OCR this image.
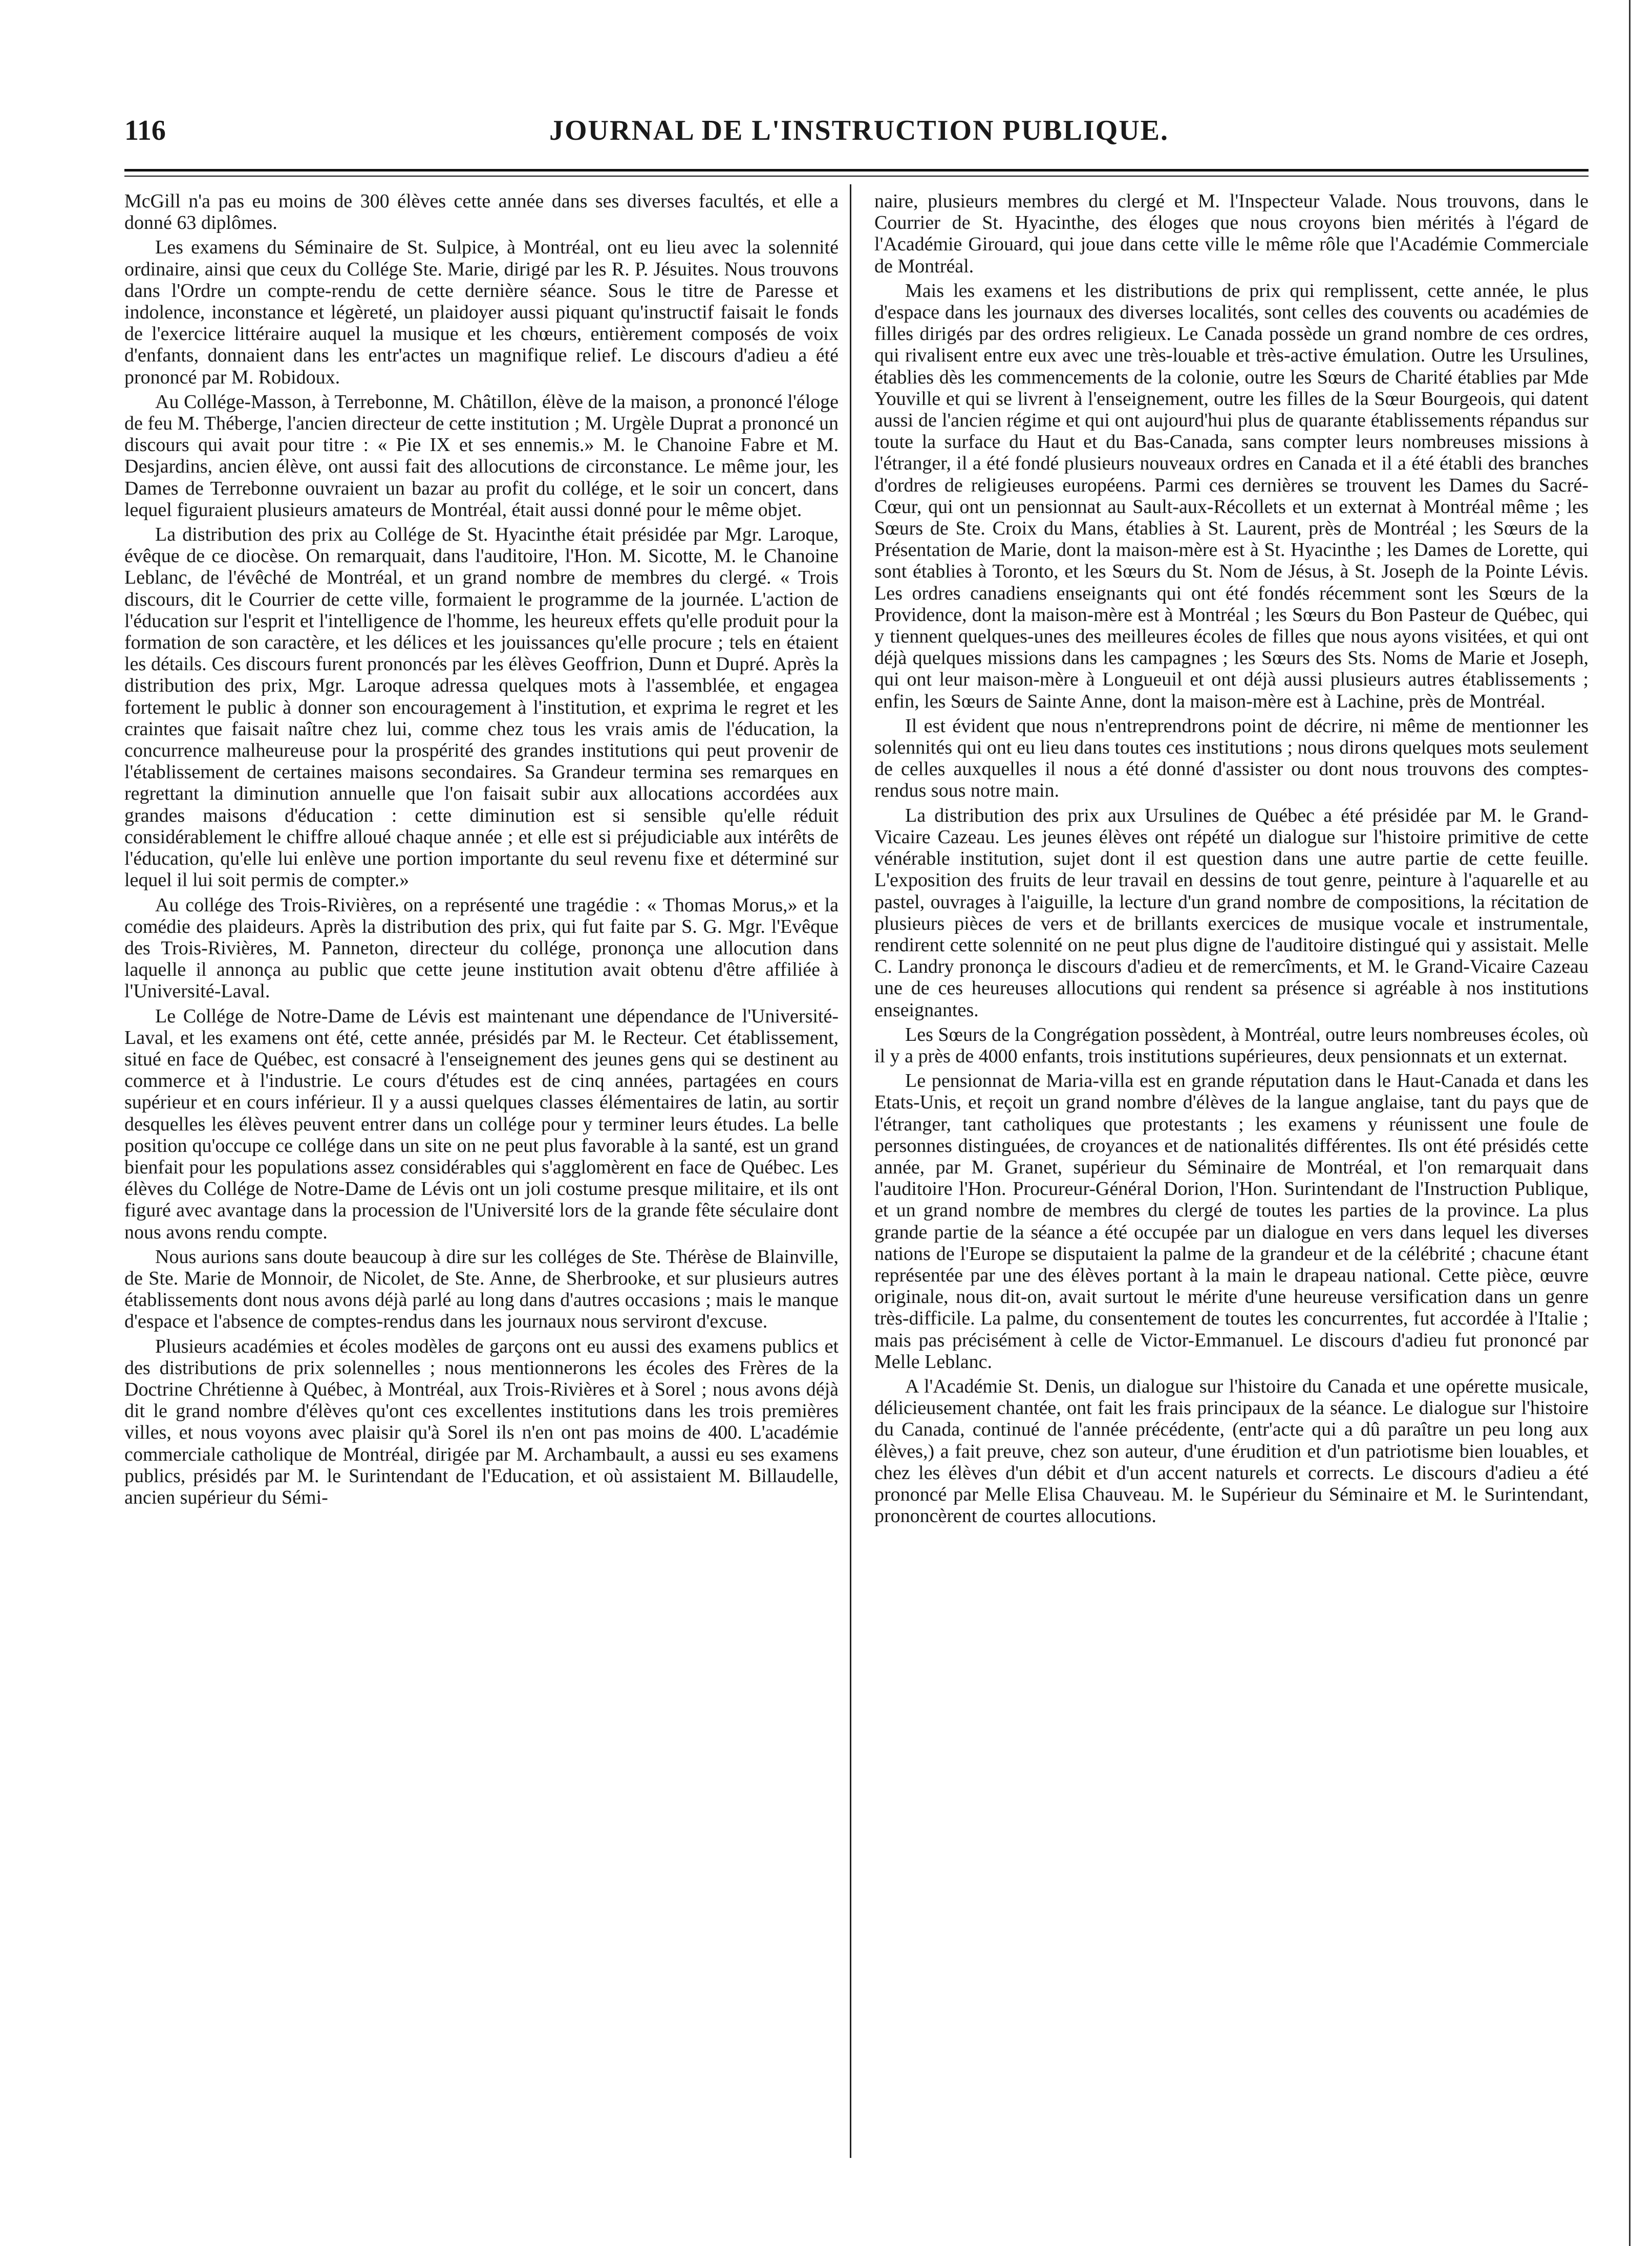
116	JOURNAL DE L'INSTRUCTION PUBLIQUE.

McGill n'a pas eu moins de 300 élèves cette année dans ses diverses facultés, et elle a donné 63 diplômes.

Les examens du Séminaire de St. Sulpice, à Montréal, ont eu lieu avec la solennité ordinaire, ainsi que ceux du Collége Ste. Marie, dirigé par les R. P. Jésuites. Nous trouvons dans l'Ordre un compte-rendu de cette dernière séance. Sous le titre de Paresse et indolence, inconstance et légèreté, un plaidoyer aussi piquant qu'instructif faisait le fonds de l'exercice littéraire auquel la musique et les chœurs, entièrement composés de voix d'enfants, donnaient dans les entr'actes un magnifique relief. Le discours d'adieu a été prononcé par M. Robidoux.

Au Collége-Masson, à Terrebonne, M. Châtillon, élève de la maison, a prononcé l'éloge de feu M. Théberge, l'ancien directeur de cette institution ; M. Urgèle Duprat a prononcé un discours qui avait pour titre : « Pie IX et ses ennemis.» M. le Chanoine Fabre et M. Desjardins, ancien élève, ont aussi fait des allocutions de circonstance. Le même jour, les Dames de Terrebonne ouvraient un bazar au profit du collége, et le soir un concert, dans lequel figuraient plusieurs amateurs de Montréal, était aussi donné pour le même objet.

La distribution des prix au Collége de St. Hyacinthe était présidée par Mgr. Laroque, évêque de ce diocèse. On remarquait, dans l'auditoire, l'Hon. M. Sicotte, M. le Chanoine Leblanc, de l'évêché de Montréal, et un grand nombre de membres du clergé. « Trois discours, dit le Courrier de cette ville, formaient le programme de la journée. L'action de l'éducation sur l'esprit et l'intelligence de l'homme, les heureux effets qu'elle produit pour la formation de son caractère, et les délices et les jouissances qu'elle procure ; tels en étaient les détails. Ces discours furent prononcés par les élèves Geoffrion, Dunn et Dupré. Après la distribution des prix, Mgr. Laroque adressa quelques mots à l'assemblée, et engagea fortement le public à donner son encouragement à l'institution, et exprima le regret et les craintes que faisait naître chez lui, comme chez tous les vrais amis de l'éducation, la concurrence malheureuse pour la prospérité des grandes institutions qui peut provenir de l'établissement de certaines maisons secondaires. Sa Grandeur termina ses remarques en regrettant la diminution annuelle que l'on faisait subir aux allocations accordées aux grandes maisons d'éducation : cette diminution est si sensible qu'elle réduit considérablement le chiffre alloué chaque année ; et elle est si préjudiciable aux intérêts de l'éducation, qu'elle lui enlève une portion importante du seul revenu fixe et déterminé sur lequel il lui soit permis de compter.»

Au collége des Trois-Rivières, on a représenté une tragédie : « Thomas Morus,» et la comédie des plaideurs. Après la distribution des prix, qui fut faite par S. G. Mgr. l'Evêque des Trois-Rivières, M. Panneton, directeur du collége, prononça une allocution dans laquelle il annonça au public que cette jeune institution avait obtenu d'être affiliée à l'Université-Laval.

Le Collége de Notre-Dame de Lévis est maintenant une dépendance de l'Université-Laval, et les examens ont été, cette année, présidés par M. le Recteur. Cet établissement, situé en face de Québec, est consacré à l'enseignement des jeunes gens qui se destinent au commerce et à l'industrie. Le cours d'études est de cinq années, partagées en cours supérieur et en cours inférieur. Il y a aussi quelques classes élémentaires de latin, au sortir desquelles les élèves peuvent entrer dans un collége pour y terminer leurs études. La belle position qu'occupe ce collége dans un site on ne peut plus favorable à la santé, est un grand bienfait pour les populations assez considérables qui s'agglomèrent en face de Québec. Les élèves du Collége de Notre-Dame de Lévis ont un joli costume presque militaire, et ils ont figuré avec avantage dans la procession de l'Université lors de la grande fête séculaire dont nous avons rendu compte.

Nous aurions sans doute beaucoup à dire sur les colléges de Ste. Thérèse de Blainville, de Ste. Marie de Monnoir, de Nicolet, de Ste. Anne, de Sherbrooke, et sur plusieurs autres établissements dont nous avons déjà parlé au long dans d'autres occasions ; mais le manque d'espace et l'absence de comptes-rendus dans les journaux nous serviront d'excuse.

Plusieurs académies et écoles modèles de garçons ont eu aussi des examens publics et des distributions de prix solennelles ; nous mentionnerons les écoles des Frères de la Doctrine Chrétienne à Québec, à Montréal, aux Trois-Rivières et à Sorel ; nous avons déjà dit le grand nombre d'élèves qu'ont ces excellentes institutions dans les trois premières villes, et nous voyons avec plaisir qu'à Sorel ils n'en ont pas moins de 400. L'académie commerciale catholique de Montréal, dirigée par M. Archambault, a aussi eu ses examens publics, présidés par M. le Surintendant de l'Education, et où assistaient M. Billaudelle, ancien supérieur du Sémi-

naire, plusieurs membres du clergé et M. l'Inspecteur Valade. Nous trouvons, dans le Courrier de St. Hyacinthe, des éloges que nous croyons bien mérités à l'égard de l'Académie Girouard, qui joue dans cette ville le même rôle que l'Académie Commerciale de Montréal.

Mais les examens et les distributions de prix qui remplissent, cette année, le plus d'espace dans les journaux des diverses localités, sont celles des couvents ou académies de filles dirigés par des ordres religieux. Le Canada possède un grand nombre de ces ordres, qui rivalisent entre eux avec une très-louable et très-active émulation. Outre les Ursulines, établies dès les commencements de la colonie, outre les Sœurs de Charité établies par Mde Youville et qui se livrent à l'enseignement, outre les filles de la Sœur Bourgeois, qui datent aussi de l'ancien régime et qui ont aujourd'hui plus de quarante établissements répandus sur toute la surface du Haut et du Bas-Canada, sans compter leurs nombreuses missions à l'étranger, il a été fondé plusieurs nouveaux ordres en Canada et il a été établi des branches d'ordres de religieuses européens. Parmi ces dernières se trouvent les Dames du Sacré-Cœur, qui ont un pensionnat au Sault-aux-Récollets et un externat à Montréal même ; les Sœurs de Ste. Croix du Mans, établies à St. Laurent, près de Montréal ; les Sœurs de la Présentation de Marie, dont la maison-mère est à St. Hyacinthe ; les Dames de Lorette, qui sont établies à Toronto, et les Sœurs du St. Nom de Jésus, à St. Joseph de la Pointe Lévis. Les ordres canadiens enseignants qui ont été fondés récemment sont les Sœurs de la Providence, dont la maison-mère est à Montréal ; les Sœurs du Bon Pasteur de Québec, qui y tiennent quelques-unes des meilleures écoles de filles que nous ayons visitées, et qui ont déjà quelques missions dans les campagnes ; les Sœurs des Sts. Noms de Marie et Joseph, qui ont leur maison-mère à Longueuil et ont déjà aussi plusieurs autres établissements ; enfin, les Sœurs de Sainte Anne, dont la maison-mère est à Lachine, près de Montréal.

Il est évident que nous n'entreprendrons point de décrire, ni même de mentionner les solennités qui ont eu lieu dans toutes ces institutions ; nous dirons quelques mots seulement de celles auxquelles il nous a été donné d'assister ou dont nous trouvons des comptes-rendus sous notre main.

La distribution des prix aux Ursulines de Québec a été présidée par M. le Grand-Vicaire Cazeau. Les jeunes élèves ont répété un dialogue sur l'histoire primitive de cette vénérable institution, sujet dont il est question dans une autre partie de cette feuille. L'exposition des fruits de leur travail en dessins de tout genre, peinture à l'aquarelle et au pastel, ouvrages à l'aiguille, la lecture d'un grand nombre de compositions, la récitation de plusieurs pièces de vers et de brillants exercices de musique vocale et instrumentale, rendirent cette solennité on ne peut plus digne de l'auditoire distingué qui y assistait. Melle C. Landry prononça le discours d'adieu et de remercîments, et M. le Grand-Vicaire Cazeau une de ces heureuses allocutions qui rendent sa présence si agréable à nos institutions enseignantes.

Les Sœurs de la Congrégation possèdent, à Montréal, outre leurs nombreuses écoles, où il y a près de 4000 enfants, trois institutions supérieures, deux pensionnats et un externat.

Le pensionnat de Maria-villa est en grande réputation dans le Haut-Canada et dans les Etats-Unis, et reçoit un grand nombre d'élèves de la langue anglaise, tant du pays que de l'étranger, tant catholiques que protestants ; les examens y réunissent une foule de personnes distinguées, de croyances et de nationalités différentes. Ils ont été présidés cette année, par M. Granet, supérieur du Séminaire de Montréal, et l'on remarquait dans l'auditoire l'Hon. Procureur-Général Dorion, l'Hon. Surintendant de l'Instruction Publique, et un grand nombre de membres du clergé de toutes les parties de la province. La plus grande partie de la séance a été occupée par un dialogue en vers dans lequel les diverses nations de l'Europe se disputaient la palme de la grandeur et de la célébrité ; chacune étant représentée par une des élèves portant à la main le drapeau national. Cette pièce, œuvre originale, nous dit-on, avait surtout le mérite d'une heureuse versification dans un genre très-difficile. La palme, du consentement de toutes les concurrentes, fut accordée à l'Italie ; mais pas précisément à celle de Victor-Emmanuel. Le discours d'adieu fut prononcé par Melle Leblanc.

A l'Académie St. Denis, un dialogue sur l'histoire du Canada et une opérette musicale, délicieusement chantée, ont fait les frais principaux de la séance. Le dialogue sur l'histoire du Canada, continué de l'année précédente, (entr'acte qui a dû paraître un peu long aux élèves,) a fait preuve, chez son auteur, d'une érudition et d'un patriotisme bien louables, et chez les élèves d'un débit et d'un accent naturels et corrects. Le discours d'adieu a été prononcé par Melle Elisa Chauveau. M. le Supérieur du Séminaire et M. le Surintendant, prononcèrent de courtes allocutions.
